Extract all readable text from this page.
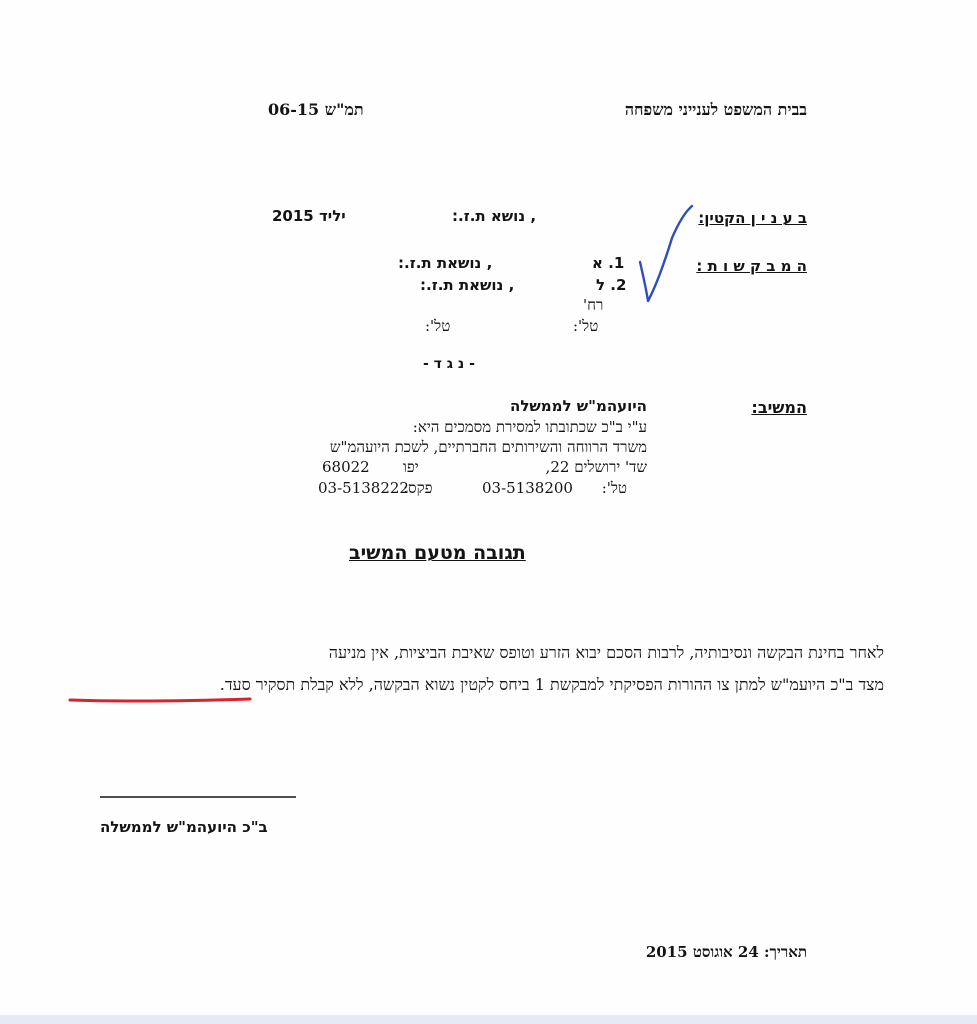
בבית המשפט לענייני משפחה
תמ"ש 06-15
ב ע נ י ן הקטין:
יליד 2015	, נושא ת.ז.:
ה מ ב ק ש ו ת :
1. א
, נושאת ת.ז.:
2. ל
, נושאת ת.ז.:
רח'
טל':
טל':
- נ ג ד -
המשיב:
היועהמ"ש לממשלה
ע"י ב"כ שכתובתו למסירת מסמכים היא:
משרד הרווחה והשירותים החברתיים, לשכת היועהמ"ש
שד' ירושלים 22,
יפו
68022
טל':
03-5138200
פקס:
03-5138222
תגובה מטעם המשיב
לאחר בחינת הבקשה ונסיבותיה, לרבות הסכם יבוא הזרע וטופס שאיבת הביציות, אין מניעה
מצד ב"כ היועמ"ש למתן צו ההורות הפסיקתי למבקשת 1 ביחס לקטין נשוא הבקשה, ללא קבלת תסקיר סעד.
ב"כ היועהמ"ש לממשלה
תאריך: 24 אוגוסט 2015
